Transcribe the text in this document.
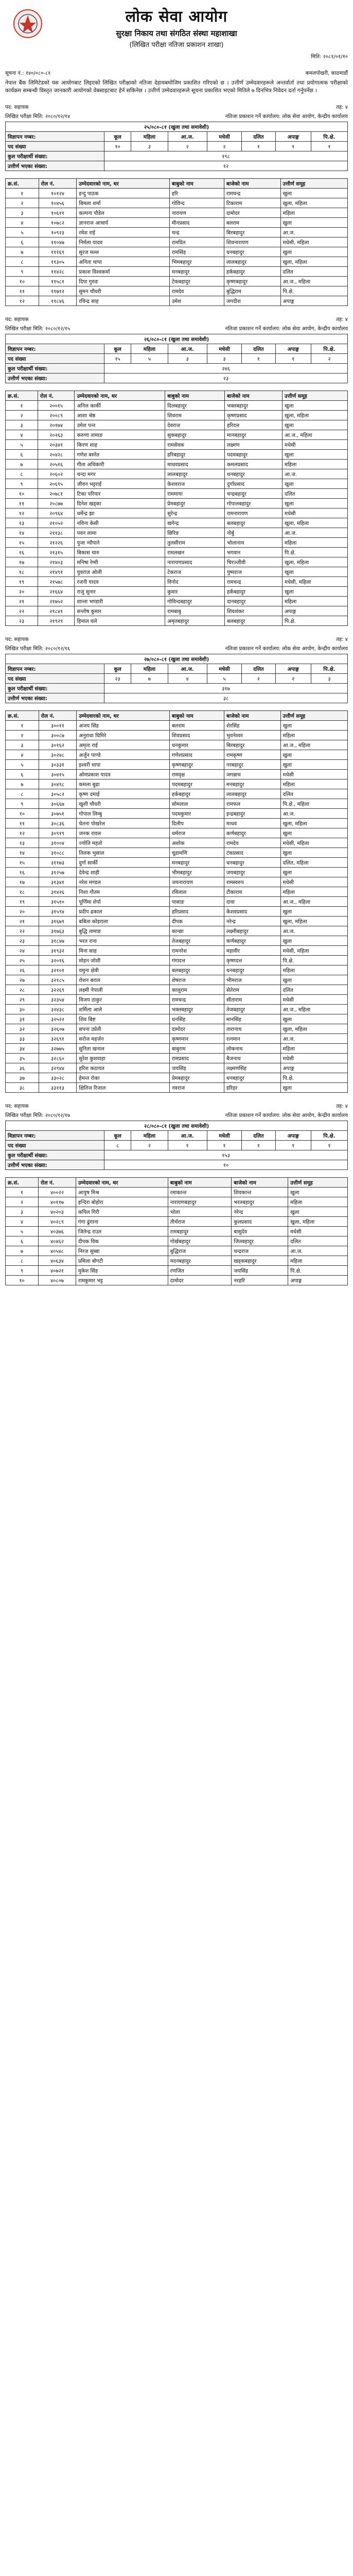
लोक सेवा आयोग
सुरक्षा निकाय तथा संगठित संस्था महाशाखा
(लिखित परीक्षा नतिजा प्रकाशन शाखा)
मिति: २०८१/०१/१०
सूचना नं.: १४०/०८०-८१	कमलपोखरी, काठमाडौं
नेपाल बैंक लिमिटेडको यस आयोगबाट लिइएको लिखित परीक्षाको नतिजा देहायबमोजिम प्रकाशित गरिएको छ । उत्तीर्ण उम्मेदवारहरूले अन्तर्वार्ता तथा प्रयोगात्मक परीक्षाको कार्यक्रम सम्बन्धी विस्तृत जानकारी आयोगको वेबसाइटबाट हेर्न सकिनेछ । उत्तीर्ण उम्मेदवारहरूले सूचना प्रकाशित भएको मितिले ७ दिनभित्र निवेदन दर्ता गर्नुपर्नेछ ।
पद: सहायक	तह: ४
लिखित परीक्षा मिति: २०८०/१२/१४	नतिजा प्रकाशन गर्ने कार्यालय: लोक सेवा आयोग, केन्द्रीय कार्यालय
२५/०८०-८१ (खुला तथा समावेशी)							
विज्ञापन नम्बर:	कूल	महिला	आ.ज.	मधेसी	दलित	अपाङ्ग	पि.क्षे.
पद संख्या	१०	३	२	२	१	१	१
कुल परीक्षार्थी संख्या:	१९८						
उत्तीर्ण भएका संख्या:	१२						
क्र.सं.	रोल नं.	उम्मेदवारको नाम, थर	बाबुको नाम	बाजेको नाम	उत्तीर्ण समूह
१	१०१२४	इन्दु पाठक	हरि	रामचन्द्र	खुला
२	१०४५६	बिमला शर्मा	गोविन्द	टिकाराम	खुला, महिला
३	१०६११	कल्पना पौडेल	नारायण	दामोदर	महिला
४	१०७८२	ज्ञानराज आचार्य	मीनप्रसाद	बलराम	खुला
५	१०९२३	रमेश राई	चन्द्र	बिरबहादुर	आ.ज.
६	११०४७	निर्मला यादव	रामप्रित	शिवनारायण	मधेसी, महिला
७	१११६९	सुरज मल्ल	रामसिंह	धनबहादुर	खुला
८	११३०५	अनिता थापा	भिमबहादुर	लालबहादुर	खुला, महिला
९	११४२८	प्रकाश विश्वकर्मा	मनबहादुर	हर्कबहादुर	दलित
१०	११५८१	दिपा गुरुङ	टेकबहादुर	कृष्णबहादुर	आ.ज., महिला
११	११७१२	सुमन चौधरी	रामदेव	बुद्धिराम	पि.क्षे.
१२	११८४६	रविन्द्र साह	उमेश	जगदीश	अपाङ्ग
पद: सहायक	तह: ४
लिखित परीक्षा मिति: २०८०/१२/१५	नतिजा प्रकाशन गर्ने कार्यालय: लोक सेवा आयोग, केन्द्रीय कार्यालय
२६/०८०-८१ (खुला तथा समावेशी)							
विज्ञापन नम्बर:	कूल	महिला	आ.ज.	मधेसी	दलित	अपाङ्ग	पि.क्षे.
पद संख्या	१५	५	३	३	१	१	२
कुल परीक्षार्थी संख्या:	२४६						
उत्तीर्ण भएका संख्या:	२३						
क्र.सं.	रोल नं.	उम्मेदवारको नाम, थर	बाबुको नाम	बाजेको नाम	उत्तीर्ण समूह
१	२००१५	अनिल कार्की	दिलबहादुर	भक्तबहादुर	खुला
२	२००८९	आशा श्रेष्ठ	शिवराम	कृष्णप्रसाद	खुला, महिला
३	२०१७४	उमेश पन्त	देवराज	हरिदत्त	खुला
४	२०२६३	करुणा तामाङ	सुकबहादुर	मानबहादुर	आ.ज., महिला
५	२०३४१	किरण शाह	रामसेवक	लक्ष्मण	मधेसी
६	२०४२८	गणेश बस्नेत	हरिबहादुर	पदमबहादुर	खुला
७	२०५१६	गीता अधिकारी	माधवप्रसाद	कमलप्रसाद	महिला
८	२०६०२	चन्दा मगर	लालबहादुर	धनबहादुर	आ.ज.
९	२०६९५	जीवन भट्टराई	केशवराज	दुर्गाप्रसाद	खुला
१०	२०७८१	टिका परियार	राममाया	चन्द्रबहादुर	दलित
११	२०८७७	दिनेश खड्का	प्रेमबहादुर	गोपालबहादुर	खुला
१२	२०९६४	धर्मेन्द्र झा	सुरेन्द्र	रामनारायण	मधेसी
१३	२१०५२	नविना केसी	खगेन्द्र	बलबहादुर	खुला, महिला
१४	२११३८	पवन लामा	छिरिङ	नोर्बु	आ.ज.
१५	२१२२६	पुजा न्यौपाने	तुलसीराम	भोलानाथ	महिला
१६	२१३१५	बिकास थारु	रामलखन	भगवान	पि.क्षे.
१७	२१४०३	मनिषा रेग्मी	नारायणप्रसाद	चिरञ्जीवी	खुला, महिला
१८	२१४९१	युवराज ओली	टेकराज	पुष्पराज	खुला
१९	२१५७८	रजनी यादव	विनोद	रामचन्द्र	मधेसी, महिला
२०	२१६६४	राजु सुनार	कुमार	हर्कबहादुर	खुला
२१	२१७५२	शान्ता भण्डारी	गोविन्दबहादुर	दानबहादुर	महिला
२२	२१८४१	सन्तोष कुमार	रामबाबु	शिवशंकर	अपाङ्ग
२३	२१९२९	हिमाल घले	अमृतबहादुर	बलबहादुर	पि.क्षे.
पद: सहायक	तह: ४
लिखित परीक्षा मिति: २०८०/१२/१६	नतिजा प्रकाशन गर्ने कार्यालय: लोक सेवा आयोग, केन्द्रीय कार्यालय
२७/०८०-८१ (खुला तथा समावेशी)							
विज्ञापन नम्बर:	कूल	महिला	आ.ज.	मधेसी	दलित	अपाङ्ग	पि.क्षे.
पद संख्या	२३	७	४	५	२	२	३
कुल परीक्षार्थी संख्या:	३१७						
उत्तीर्ण भएका संख्या:	३८						
क्र.सं.	रोल नं.	उम्मेदवारको नाम, थर	बाबुको नाम	बाजेको नाम	उत्तीर्ण समूह
१	३००११	अजय सिंह	बलराम	शेरसिंह	खुला
२	३००८७	अनुराधा घिमिरे	शिवप्रसाद	भुवनेश्वर	महिला
३	३०१६२	अमृता राई	धनकुमार	बिरबहादुर	आ.ज., महिला
४	३०२४८	अर्जुन पाण्डे	गणेशप्रसाद	रामकृष्ण	खुला
५	३०३३१	इश्वरी थापा	कृष्णबहादुर	नरबहादुर	खुला
६	३०४१५	ओमप्रकाश यादव	रामवृक्ष	जगन्नाथ	मधेसी
७	३०४९८	कमला बुढा	पदमबहादुर	मनबहादुर	महिला
८	३०५८२	कृष्ण दमाई	हर्कबहादुर	लालबहादुर	दलित
९	३०६६७	खुशी चौधरी	सोमलाल	रामफल	पि.क्षे., महिला
१०	३०७५१	गोपाल लिम्बु	पदमकुमार	इन्द्रबहादुर	आ.ज.
११	३०८३६	चेतना पोखरेल	दिलीप	माधव	खुला, महिला
१२	३०९१९	जनक रावल	धर्मराज	कर्णबहादुर	खुला
१३	३१००४	ज्योति महतो	अशोक	रामदेव	मधेसी, महिला
१४	३१०८८	तिलक भुसाल	चूडामणि	टंकप्रसाद	खुला
१५	३११७३	दुर्गा सार्की	मनबहादुर	धनबहादुर	दलित, महिला
१६	३१२५७	देवेन्द्र शाही	भीमबहादुर	जयबहादुर	खुला
१७	३१३४१	नरेश मण्डल	जयनारायण	रामस्वरुप	मधेसी
१८	३१४२६	निशा गौतम	रविलाल	टीकाराम	महिला
१९	३१५१०	पूर्णिमा शेर्पा	पासाङ	दावा	आ.ज., महिला
२०	३१५९४	प्रदीप ढकाल	हरिप्रसाद	केशवप्रसाद	खुला
२१	३१६७९	बबिता कोइराला	दीपक	नरेन्द्र	खुला, महिला
२२	३१७६३	बुद्धि तामाङ	कान्छा	लक्ष्मीबहादुर	आ.ज.
२३	३१८४७	भरत राना	तेजबहादुर	कर्णबहादुर	खुला
२४	३१९३२	मिना साह	रामनरेश	महावीर	मधेसी, महिला
२५	३२०१६	मोहन जोशी	गंगादत्त	कृष्णदत्त	पि.क्षे.
२६	३२१०१	यमुना क्षेत्री	बलबहादुर	धनबहादुर	महिला
२७	३२१८५	रोशन बराल	शेषराज	भीमराज	खुला
२८	३२२६९	लक्ष्मी नेपाली	कालुराम	सेतेराम	दलित
२९	३२३५४	विजय ठाकुर	रामचन्द्र	सीताराम	मधेसी
३०	३२४३८	शर्मिला आले	भक्तबहादुर	तेजबहादुर	आ.ज., महिला
३१	३२५२२	शिव बिष्ट	धनसिंह	मानसिंह	खुला
३२	३२६०७	सपना उप्रेती	दामोदर	तारानाथ	खुला, महिला
३३	३२६९१	सरोज महर्जन	कृष्णमान	रत्नमान	आ.ज.
३४	३२७७५	सुनिता खनाल	बाबुराम	लोकनाथ	महिला
३५	३२८६०	सुरेश कुशवाहा	रामप्रसाद	बैजनाथ	मधेसी
३६	३२९४४	हरिश कठायत	जयसिंह	लक्ष्मणसिंह	अपाङ्ग
३७	३३०२८	हेमन्त रोका	प्रेमबहादुर	धनबहादुर	पि.क्षे.
३८	३३११३	क्षितिज रिजाल	नवराज	हरिहर	खुला
पद: सहायक	तह: ४
लिखित परीक्षा मिति: २०८०/१२/१७	नतिजा प्रकाशन गर्ने कार्यालय: लोक सेवा आयोग, केन्द्रीय कार्यालय
२८/०८०-८१ (खुला तथा समावेशी)							
विज्ञापन नम्बर:	कूल	महिला	आ.ज.	मधेसी	दलित	अपाङ्ग	पि.क्षे.
पद संख्या	८	२	१	१	१	१	१
कुल परीक्षार्थी संख्या:	१५३						
उत्तीर्ण भएका संख्या:	१०						
क्र.सं.	रोल नं.	उम्मेदवारको नाम, थर	बाबुको नाम	बाजेको नाम	उत्तीर्ण समूह
१	४००२२	आयुष मिश्र	रमाकान्त	शिवकान्त	खुला
२	४०११७	इन्दिरा बोहोरा	नारायणबहादुर	भरतबहादुर	महिला
३	४०२०३	कपिल गिरी	भोला	नरेन्द्र	खुला
४	४०२८९	गंगा ढुंगाना	तीर्थराज	कुलप्रसाद	खुला, महिला
५	४०३७६	जितेन्द्र राउत	रामबहादुर	बासुदेव	मधेसी
६	४०४६२	दीपक विक	गोर्खबहादुर	जितबहादुर	दलित
७	४०५४८	निरज सुब्बा	बुद्धिराज	चन्द्रराज	आ.ज.
८	४०६३४	प्रमिला बोगटी	मदनबहादुर	खड्कबहादुर	महिला
९	४०७२१	मुकेश सिंह	रणजित	जयसिंह	पि.क्षे.
१०	४०८०७	रामकुमार भट्ट	दामोदर	नरहरि	अपाङ्ग
